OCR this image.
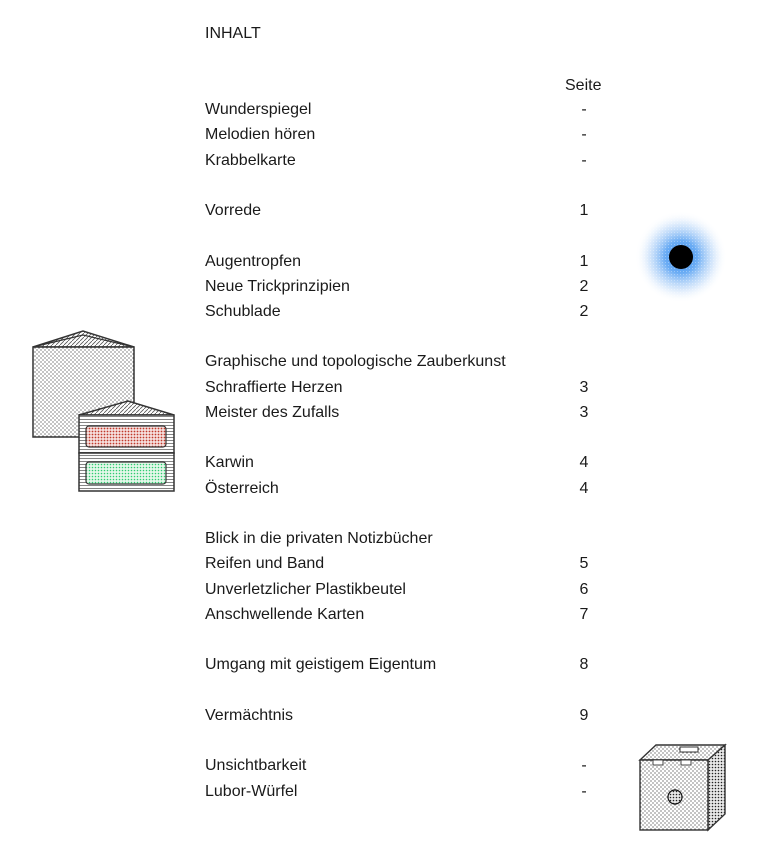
INHALT
Seite
Wunderspiegel	-
Melodien hören	-
Krabbelkarte	-
Vorrede	1
Augentropfen	1
Neue Trickprinzipien	2
Schublade	2
Graphische und topologische Zauberkunst
Schraffierte Herzen	3
Meister des Zufalls	3
Karwin	4
Österreich	4
Blick in die privaten Notizbücher
Reifen und Band	5
Unverletzlicher Plastikbeutel	6
Anschwellende Karten	7
Umgang mit geistigem Eigentum	8
Vermächtnis	9
Unsichtbarkeit	-
Lubor-Würfel	-
